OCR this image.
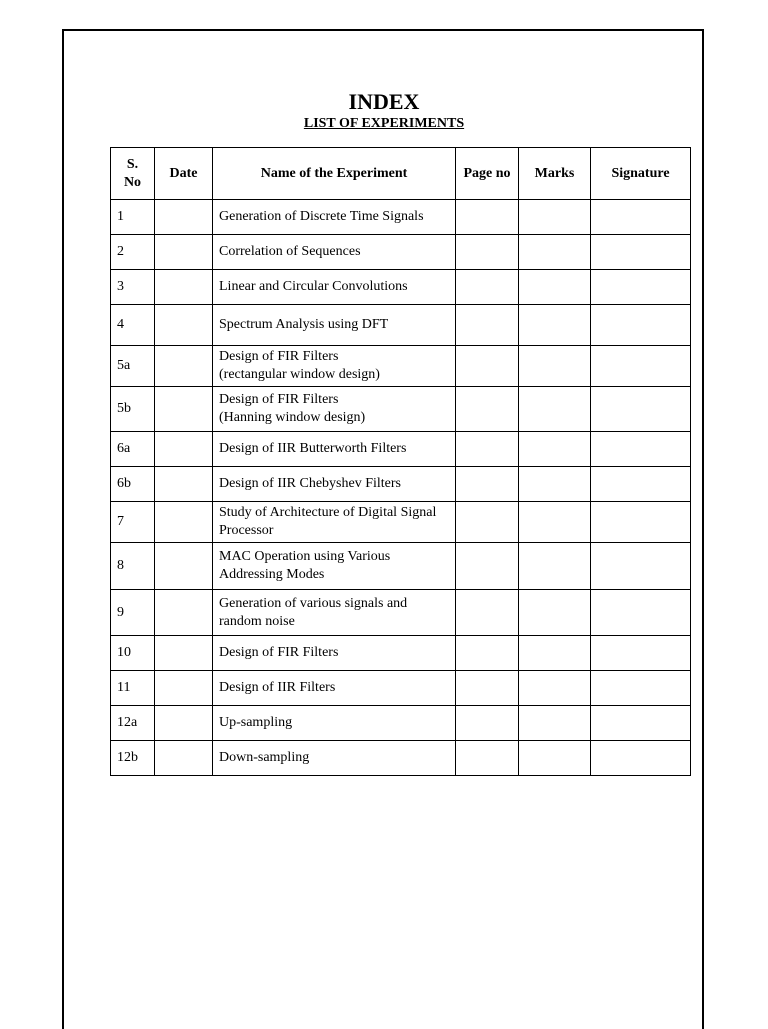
INDEX
LIST OF EXPERIMENTS
S. No	Date	Name of the Experiment	Page no	Marks	Signature
1		Generation of Discrete Time Signals			
2		Correlation of Sequences			
3		Linear and Circular Convolutions			
4		Spectrum Analysis using DFT			
5a		Design of FIR Filters
(rectangular window design)			
5b		Design of FIR Filters
(Hanning window design)			
6a		Design of IIR Butterworth Filters			
6b		Design of IIR Chebyshev Filters			
7		Study of Architecture of Digital Signal Processor			
8		MAC Operation using Various Addressing Modes			
9		Generation of various signals and random noise			
10		Design of FIR Filters			
11		Design of IIR Filters			
12a		Up-sampling			
12b		Down-sampling			
